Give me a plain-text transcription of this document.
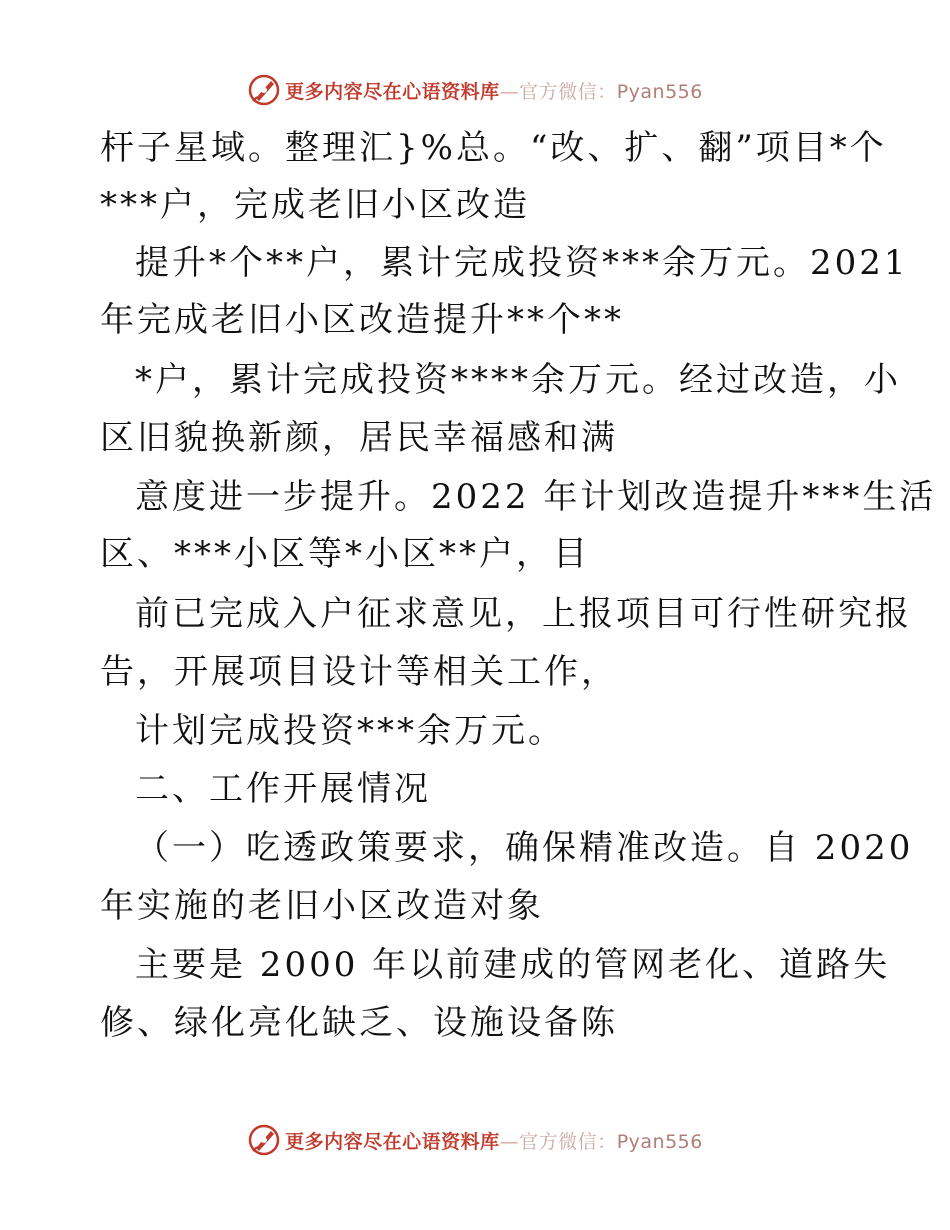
更多内容尽在心语资料库—官方微信：Pyan556
杆子星域。整理汇}%总。“改、扩、翻”项目*个
***户，完成老旧小区改造
提升*个**户，累计完成投资***余万元。2021
年完成老旧小区改造提升**个**
*户，累计完成投资****余万元。经过改造，小
区旧貌换新颜，居民幸福感和满
意度进一步提升。2022 年计划改造提升***生活
区、***小区等*小区**户，目
前已完成入户征求意见，上报项目可行性研究报
告，开展项目设计等相关工作，
计划完成投资***余万元。
二、工作开展情况
（一）吃透政策要求，确保精准改造。自 2020
年实施的老旧小区改造对象
主要是 2000 年以前建成的管网老化、道路失
修、绿化亮化缺乏、设施设备陈
更多内容尽在心语资料库—官方微信：Pyan556
